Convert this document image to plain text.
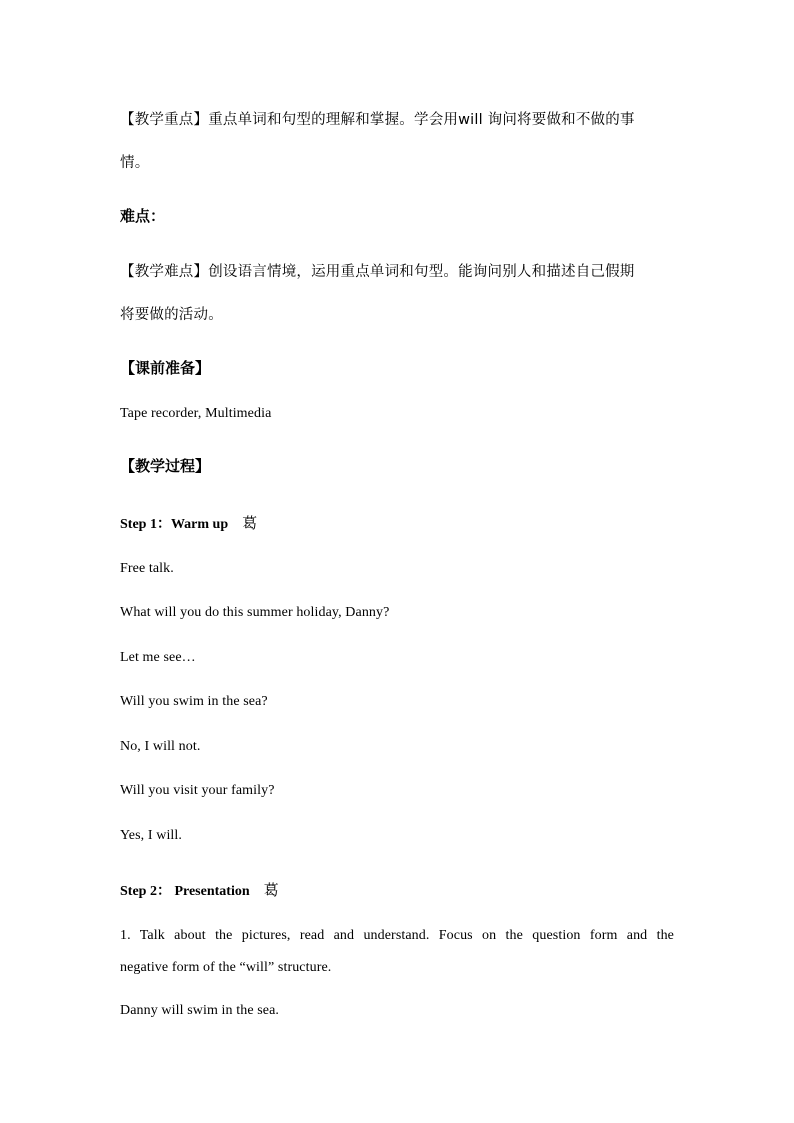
【教学重点】重点单词和句型的理解和掌握。学会用will 询问将要做和不做的事
情。
难点：
【教学难点】创设语言情境，运用重点单词和句型。能询问别人和描述自己假期
将要做的活动。
【课前准备】
Tape recorder, Multimedia
【教学过程】
Step 1：Warm up 葛
Free talk.
What will you do this summer holiday, Danny?
Let me see…
Will you swim in the sea?
No, I will not.
Will you visit your family?
Yes, I will.
Step 2： Presentation 葛
1. Talk about the pictures, read and understand. Focus on the question form and the
negative form of the “will” structure.
Danny will swim in the sea.
